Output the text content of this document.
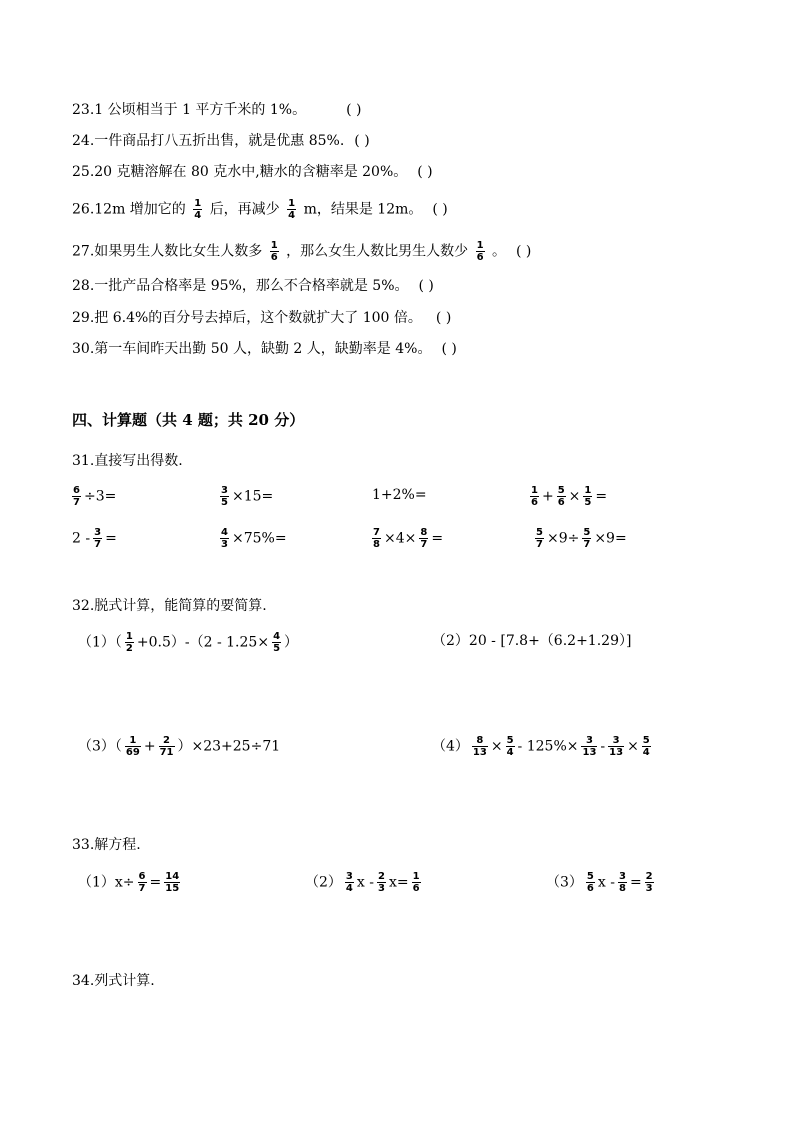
23.1 公顷相当于 1 平方千米的 1%。	( )
24.一件商品打八五折出售，就是优惠 85%. ( )
25.20 克糖溶解在 80 克水中,糖水的含糖率是 20%。 ( )
26.12m 增加它的 $\frac{1}{4}$ 后，再减少 $\frac{1}{4}$ m，结果是 12m。 ( )
27.如果男生人数比女生人数多 $\frac{1}{6}$ ，那么女生人数比男生人数少 $\frac{1}{6}$ 。 ( )
28.一批产品合格率是 95%，那么不合格率就是 5%。 ( )
29.把 6.4%的百分号去掉后，这个数就扩大了 100 倍。 ( )
30.第一车间昨天出勤 50 人，缺勤 2 人，缺勤率是 4%。 ( )
四、计算题（共 4 题；共 20 分）
31.直接写出得数.
$\frac{6}{7} \div 3=$	$\frac{3}{5} \times 15=$	1+2%=	$\frac{1}{6} + \frac{5}{6} \times \frac{1}{5}$ =
$2 - \frac{3}{7}$ =	$\frac{4}{3} \times 75\%=$	$\frac{7}{8} \times 4\times \frac{8}{7}$ =	$\frac{5}{7} \times 9\div \frac{5}{7} \times 9=$
32.脱式计算，能简算的要简算.
$(1)( \frac{1}{2} +0.5)-(2 - 1.25\times \frac{4}{5}$ ）	（2）20 - [7.8+（6.2+1.29）]
$(3)( \frac{1}{69} + \frac{2}{71} )\times 23+25\div 71$	$(4) \frac{8}{13} \times \frac{5}{4} - 125\%\times \frac{3}{13} - \frac{3}{13} \times \frac{5}{4}$
33.解方程.
$(1)x\div \frac{6}{7} = \frac{14}{15}$	$(2) \frac{3}{4}$ $x - \frac{2}{3} x= \frac{1}{6}$	$(3) \frac{5}{6}$ $x - \frac{3}{8} = \frac{2}{3}$
34.列式计算.
